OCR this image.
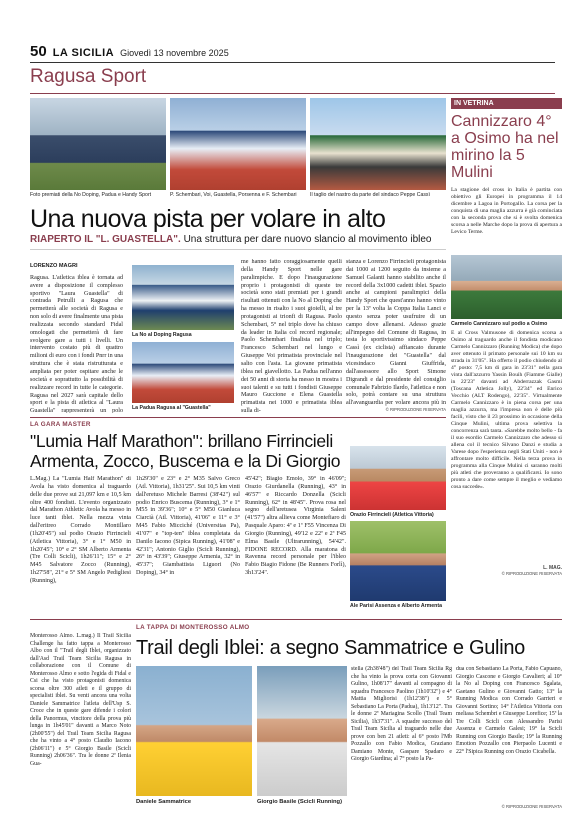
50 LA SICILIA Giovedì 13 novembre 2025
Ragusa Sport
Foto premiati della No Doping, Padua e Handy Sport	P. Schembari, Voi, Guastella, Porsenna e F. Schembari	Il taglio del nastro da parte del sindaco Peppe Cassì
IN VETRINA
Cannizzaro 4° a Osimo ha nel mirino la 5 Mulini
La stagione del cross in Italia è partita con obiettivo gli Europei in programma il 14 dicembre a Lagoa in Portogallo. La corsa per la conquista di una maglia azzurra è già cominciata con la seconda prova che si è svolta domenica scorsa a nelle Marche dopo la prova di apertura a Levico Terme.
Carmelo Cannizzaro sul podio a Osimo
E al Cross Valmusone di domenica scorsa a Osimo al traguardo anche il fondista modicano Carmelo Cannizzaro (Running Modica) che dopo aver ottenuto il primato personale sui 10 km su strada in 31'05". Ha offerto il podio chiudendo al 4° posto: 7,5 km di gara in 23'31" nella gara vinta dall'azzurro Yassin Bouih (Fiamme Gialle) in 22'23" davanti ad Abderrazzak Gasmi (Toscana Atletica Jolly), 22'34" ed Enrico Vecchio (ALT Rodengo), 22'35". Virtualmente Carmelo Cannizzaro è in piena corsa per una maglia azzurra, ma l'impresa non è delle più facili, visto che il 23 prossimo in occasione della Cinque Mulini, ultima prova selettiva la concorrenza sarà tanta. «Sarebbe molto bello - fa il suo esordio Carmelo Cannizzaro che adesso si allena col il tecnico Silvano Danzi e studia a Varese dopo l'esperienza negli Stati Uniti - non è affrontare molto difficile. Nella terza prova in programma alla Cinque Mulini ci saranno molti più atleti che proveranno a qualificarsi. Io sono pronto a dare come sempre il meglio e vediamo cosa succede».
L. MAG.
© RIPRODUZIONE RISERVATA
Una nuova pista per volare in alto
RIAPERTO IL "L. GUASTELLA". Una struttura per dare nuovo slancio al movimento ibleo
LORENZO MAGRÌ
Ragusa. L'atletica iblea è tornata ad avere a disposizione il complesso sportivo "Laura Guastella" di contrada Petrulli a Ragusa che permetterà alle società di Ragusa e non solo di avere finalmente una pista realizzata secondo standard Fidal omologati che permetterà di fare svolgere gare a tutti i livelli. Un intervento costato più di quattro milioni di euro con i fondi Pnrr in una struttura che è stata ristrutturata e ampliata per poter ospitare anche le società e soprattutto la possibilità di realizzare record in tutte le categorie. Ragusa nel 2027 sarà capitale dello sport e la pista di atletica al "Laura Guastella" rappresenterà un polo
La No al Doping Ragusa
La Padua Ragusa al "Guastella"
me hanno fatto coraggiosamente quelli della Handy Sport nelle gare paralimpiche. E dopo l'inaugurazione proprio i protagonisti di queste tre società sono stati premiati per i grandi risultati ottenuti con la No al Doping che ha messo in risalto i suoi gioielli, al tre protagonisti ai trionfi di Ragusa. Paolo Schembari, 5° nel triplo dove ha chiuso da leader in Italia col record regionale; Paolo Schembari finalista nel triplo; Francesco Schembari nel lungo e Giuseppe Voi primatista provinciale nel salto con l'asta. La giovane primatista iblea nel giavellotto. La Padua nell'anno dei 50 anni di storia ha messo in mostra i suoi talenti e su tutti i fondisti Giuseppe Mauro Guccione e Elena Guastella primatista nei 1000 e primatista iblea sulla di-
stanza e Lorenzo Firrincieli protagonista dai 1000 ai 1200 seguito da insieme a Samuel Galanti hanno stabilito anche il record della 3x1000 cadetti iblei. Spazio anche ai campioni paralimpici della Handy Sport che quest'anno hanno vinto per la 13ª volta la Coppa Italia Lanci e questo senza poter usufruire di un campo dove allenarsi. Adesso grazie all'impegno del Comune di Ragusa, in testa lo sportivissimo sindaco Peppe Cassì (ex ciclista) affiancato durante l'inaugurazione dei "Guastella" dal vicesindaco Gianni Giuffrida, dall'assessore allo Sport Simone Digrandi e dal presidente del consiglio comunale Fabrizio Ilardo, l'atletica e non solo, potrà contare su una struttura all'avanguardia per volare ancora più in
© RIPRODUZIONE RISERVATA
LA GARA MASTER
"Lumia Half Marathon": brillano Firrincieli
Armenta, Zocco, Buscema e la Di Giorgio
L.Mag.) La "Lumia Half Marathon" di Avola ha visto domenica al traguardo delle due prove sui 21,097 km e 10,5 km oltre 400 fondisti. L'evento organizzato dal Marathon Athletic Avola ha messo in luce tanti iblei. Nella mezza vinta dall'eritreo Corrado Montillaro (1h20'45") sul podio Orazio Firrincieli (Atletica Vittoria), 3° e 1° M50 in 1h20'45"; 10° e 2° SM Alberto Armenta (Tre Colli Scicli), 1h26'11"; 15° e 2° M45 Salvatore Zocco (Running), 1h27'58", 21° e 5° SM Angelo Pedigliesi (Running),
1h29'30" e 23° e 2° M35 Salvo Greco (Atl. Vittoria), 1h31'25". Sui 10,5 km vinti dall'eretuso Michele Barresi (38'42") sul podio Enrico Buscema (Running), 3° e 1° M55 in 39'36"; 10° e 5° M50 Gianluca Ciarcià (Atl. Vittoria), 41'06" e 11° e 3° M45 Fabio Micciché (Universitas Pa), 41'07" e "top-ten" iblea completata da Danilo Iacono (Sipica Running), 41'08" e 42'31"; Antonio Giglio (Scicli Running), 26° in 43'39"; Giuseppe Armenia, 32° in 45'37"; Giambattista Liguori (No Doping), 34° in
45'42"; Biagio Emolo, 39° in 46'09"; Orazio Giurdanella (Running), 43° in 46'57" e Riccardo Donzella (Scicli Running), 62° in 48'45". Prova rosa nel segno dell'aretusea Virginia Saleni (41'57") altra allieva come Montefiaro di Pasquale Aparo: 4ª e 1ª F55 Vincenza Di Giorgio (Running), 49'12 e 22ª e 2ª F45 Elma Basile (Ultrarunning), 54'42". FIDONE RECORD. Alla maratona di Ravenna record personale per l'ibleo Fabio Biagio Fidone (Be Runners Forlì), 3h13'24".
Orazio Firrincieli (Atletica Vittoria)
Ale Parisi Assenza e Alberto Armenta
LA TAPPA DI MONTEROSSO ALMO
Trail degli Iblei: a segno Sammatrice e Gulino
Monterosso Almo. L.mag.) Il Trail Sicilia Challenge ha fatto tappa a Monterosso Albo con il "Trail degli Iblei, organizzato dall'Asd Trail Team Sicilia Ragusa in collaborazione con il Comune di Monterosso Almo e sotto l'egida di Fidal e Csi che ha visto protagonisti domenica scorsa oltre 300 atleti e il gruppo di specialisti iblei. Su venti ancora una volta Daniele Sammatrice l'atleta dell'Usp S. Croce che in queste gare difende i colori della Panormus, vincitore della prova più lunga in 1h45'01" davanti a Marco Noto (2h00'55") del Trail Team Sicilia Ragusa che ha vinto a 4° posto Claudio Iacono (2h06'11") e 5° Giorgio Basile (Scicli Running) 2h06'36". Tra le donne 2ª Ilenia Gua-
Daniele Sammatrice	Giorgio Basile (Scicli Running)
stella (2h38'48") del Trail Team Sicilia Rg che ha vinto la prova corta con Giovanni Gulino, 1h08'17" davanti al compagno di squadra Francesco Paolino (1h10'32") e 4° Mattia Migliorisi (1h12'38") e 5° Sebastiano La Porta (Padua), 1h13'12". Tra le donne 2ª Mariagina Scollo (Trail Team Sicilia), 1h37'31". A squadre successo del Trail Team Sicilia al traguardo nelle due prove con ben 21 atleti: al 6° posto l'Mb Pozzallo con Fabio Modica, Graziano Damiano Monte, Gaspare Spadaro e Giorgio Giardina; al 7° posto la Pa-
dua con Sebastiano La Porta, Fabio Capuano, Giorgio Cascone e Giorgio Cavalieri; al 10° la No al Doping con Francesco Sgalata, Gaetano Gulino e Giovanni Gatto; 13° la Running Modica con Corrado Garrieri e Giovanni Sortino; 14° l'Atletica Vittoria con meliasa Schembri e Giuseppe Lorefice; 15ª la Tre Colli Scicli con Alessandro Parisi Assenza e Carmelo Galesi; 19° la Scicli Running con Giorgio Basile; 19° la Running Emotion Pozzallo con Pierpaolo Lucenti e 22° l'Sipica Running con Orazio Cicabella.
© RIPRODUZIONE RISERVATA
